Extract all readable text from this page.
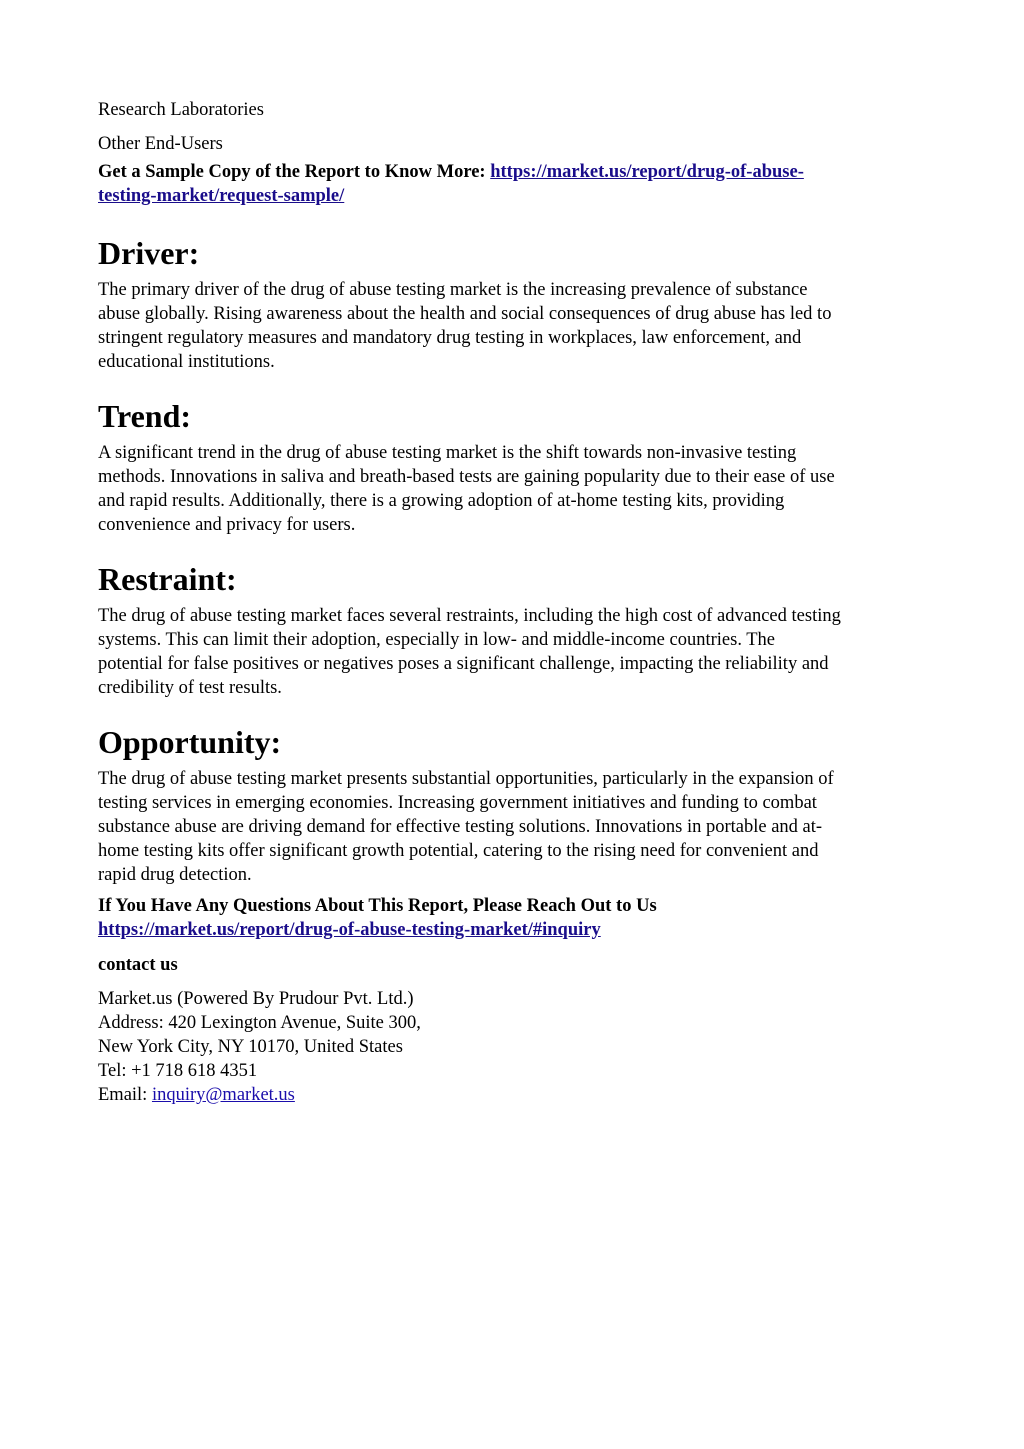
Research Laboratories

Other End-Users

Get a Sample Copy of the Report to Know More: https://market.us/report/drug-of-abuse-
testing-market/request-sample/

Driver:

The primary driver of the drug of abuse testing market is the increasing prevalence of substance
abuse globally. Rising awareness about the health and social consequences of drug abuse has led to
stringent regulatory measures and mandatory drug testing in workplaces, law enforcement, and
educational institutions.

Trend:

A significant trend in the drug of abuse testing market is the shift towards non-invasive testing
methods. Innovations in saliva and breath-based tests are gaining popularity due to their ease of use
and rapid results. Additionally, there is a growing adoption of at-home testing kits, providing
convenience and privacy for users.

Restraint:

The drug of abuse testing market faces several restraints, including the high cost of advanced testing
systems. This can limit their adoption, especially in low- and middle-income countries. The
potential for false positives or negatives poses a significant challenge, impacting the reliability and
credibility of test results.

Opportunity:

The drug of abuse testing market presents substantial opportunities, particularly in the expansion of
testing services in emerging economies. Increasing government initiatives and funding to combat
substance abuse are driving demand for effective testing solutions. Innovations in portable and at-
home testing kits offer significant growth potential, catering to the rising need for convenient and
rapid drug detection.

If You Have Any Questions About This Report, Please Reach Out to Us
https://market.us/report/drug-of-abuse-testing-market/#inquiry

contact us

Market.us (Powered By Prudour Pvt. Ltd.)
Address: 420 Lexington Avenue, Suite 300,
New York City, NY 10170, United States
Tel: +1 718 618 4351
Email: inquiry@market.us
